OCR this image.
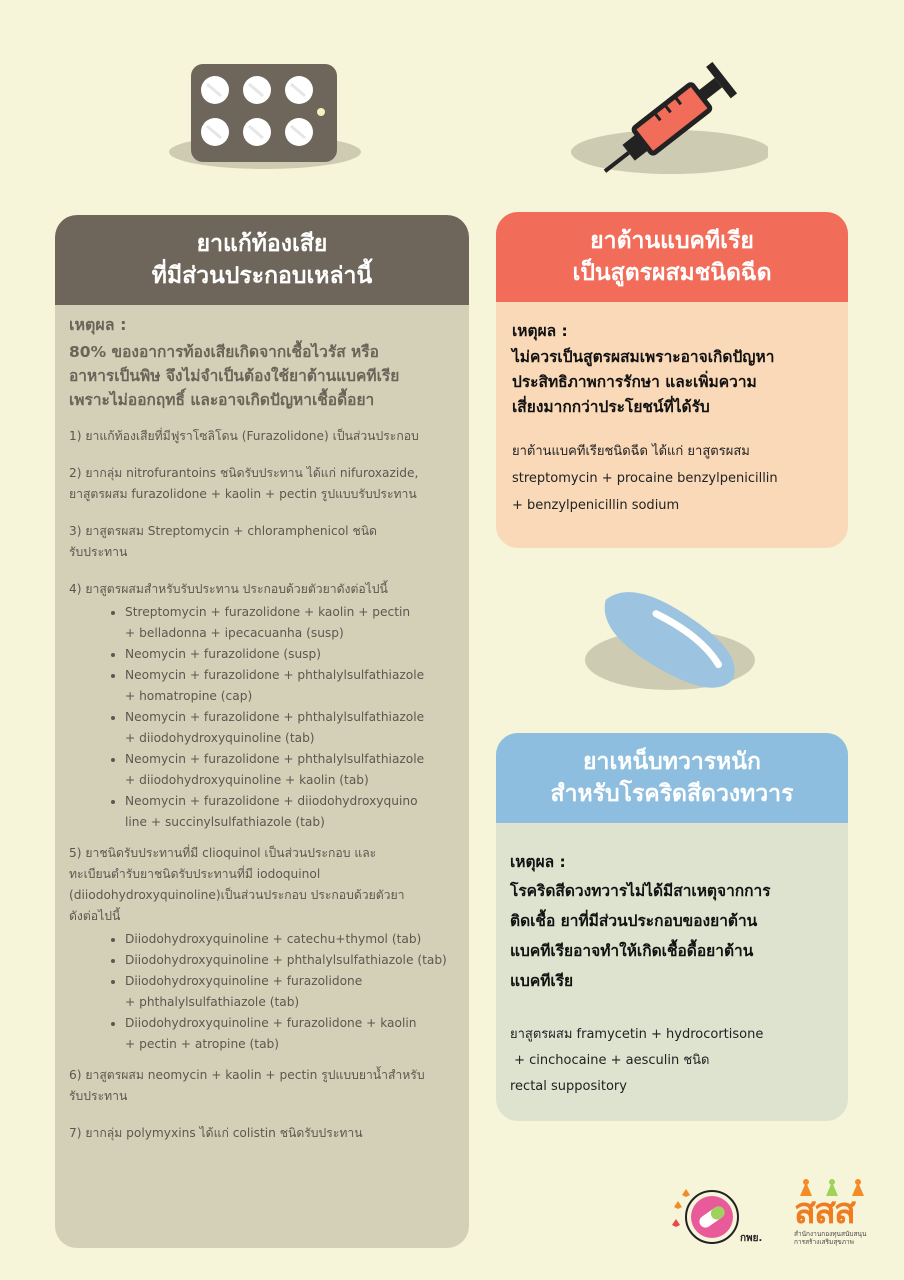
ยาแก้ท้องเสีย
ที่มีส่วนประกอบเหล่านี้

เหตุผล :

80% ของอาการท้องเสียเกิดจากเชื้อไวรัส หรือ
อาหารเป็นพิษ จึงไม่จำเป็นต้องใช้ยาต้านแบคทีเรีย
เพราะไม่ออกฤทธิ์ และอาจเกิดปัญหาเชื้อดื้อยา
1) ยาแก้ท้องเสียที่มีฟูราโซลิโดน (Furazolidone) เป็นส่วนประกอบ
2) ยากลุ่ม nitrofurantoins ชนิดรับประทาน ได้แก่ nifuroxazide,
ยาสูตรผสม furazolidone + kaolin + pectin รูปแบบรับประทาน
3) ยาสูตรผสม Streptomycin + chloramphenicol ชนิด
รับประทาน
4) ยาสูตรผสมสำหรับรับประทาน ประกอบด้วยตัวยาดังต่อไปนี้
• Streptomycin + furazolidone + kaolin + pectin
+ belladonna + ipecacuanha (susp)
• Neomycin + furazolidone (susp)
• Neomycin + furazolidone + phthalylsulfathiazole
+ homatropine (cap)
• Neomycin + furazolidone + phthalylsulfathiazole
+ diiodohydroxyquinoline (tab)
• Neomycin + furazolidone + phthalylsulfathiazole
+ diiodohydroxyquinoline + kaolin (tab)
• Neomycin + furazolidone + diiodohydroxyquino
line + succinylsulfathiazole (tab)
5) ยาชนิดรับประทานที่มี clioquinol เป็นส่วนประกอบ และ
ทะเบียนตำรับยาชนิดรับประทานที่มี iodoquinol
(diiodohydroxyquinoline)เป็นส่วนประกอบ ประกอบด้วยตัวยา
ดังต่อไปนี้
• Diiodohydroxyquinoline + catechu+thymol (tab)
• Diiodohydroxyquinoline + phthalylsulfathiazole (tab)
• Diiodohydroxyquinoline + furazolidone
+ phthalylsulfathiazole (tab)
• Diiodohydroxyquinoline + furazolidone + kaolin
+ pectin + atropine (tab)
6) ยาสูตรผสม neomycin + kaolin + pectin รูปแบบยาน้ำสำหรับ
รับประทาน
7) ยากลุ่ม polymyxins ได้แก่ colistin ชนิดรับประทาน
ยาต้านแบคทีเรีย
เป็นสูตรผสมชนิดฉีด

เหตุผล :

ไม่ควรเป็นสูตรผสมเพราะอาจเกิดปัญหา
ประสิทธิภาพการรักษา และเพิ่มความ
เสี่ยงมากกว่าประโยชน์ที่ได้รับ

ยาต้านแบคทีเรียชนิดฉีด ได้แก่ ยาสูตรผสม
streptomycin + procaine benzylpenicillin
+ benzylpenicillin sodium

ยาเหน็บทวารหนัก
สำหรับโรคริดสีดวงทวาร

เหตุผล :

โรคริดสีดวงทวารไม่ได้มีสาเหตุจากการ
ติดเชื้อ ยาที่มีส่วนประกอบของยาต้าน
แบคทีเรียอาจทำให้เกิดเชื้อดื้อยาต้าน
แบคทีเรีย

ยาสูตรผสม framycetin + hydrocortisone
+ cinchocaine + aesculin ชนิด
rectal suppository

กพย.
สสส
สำนักงานกองทุนสนับสนุน
การสร้างเสริมสุขภาพ
